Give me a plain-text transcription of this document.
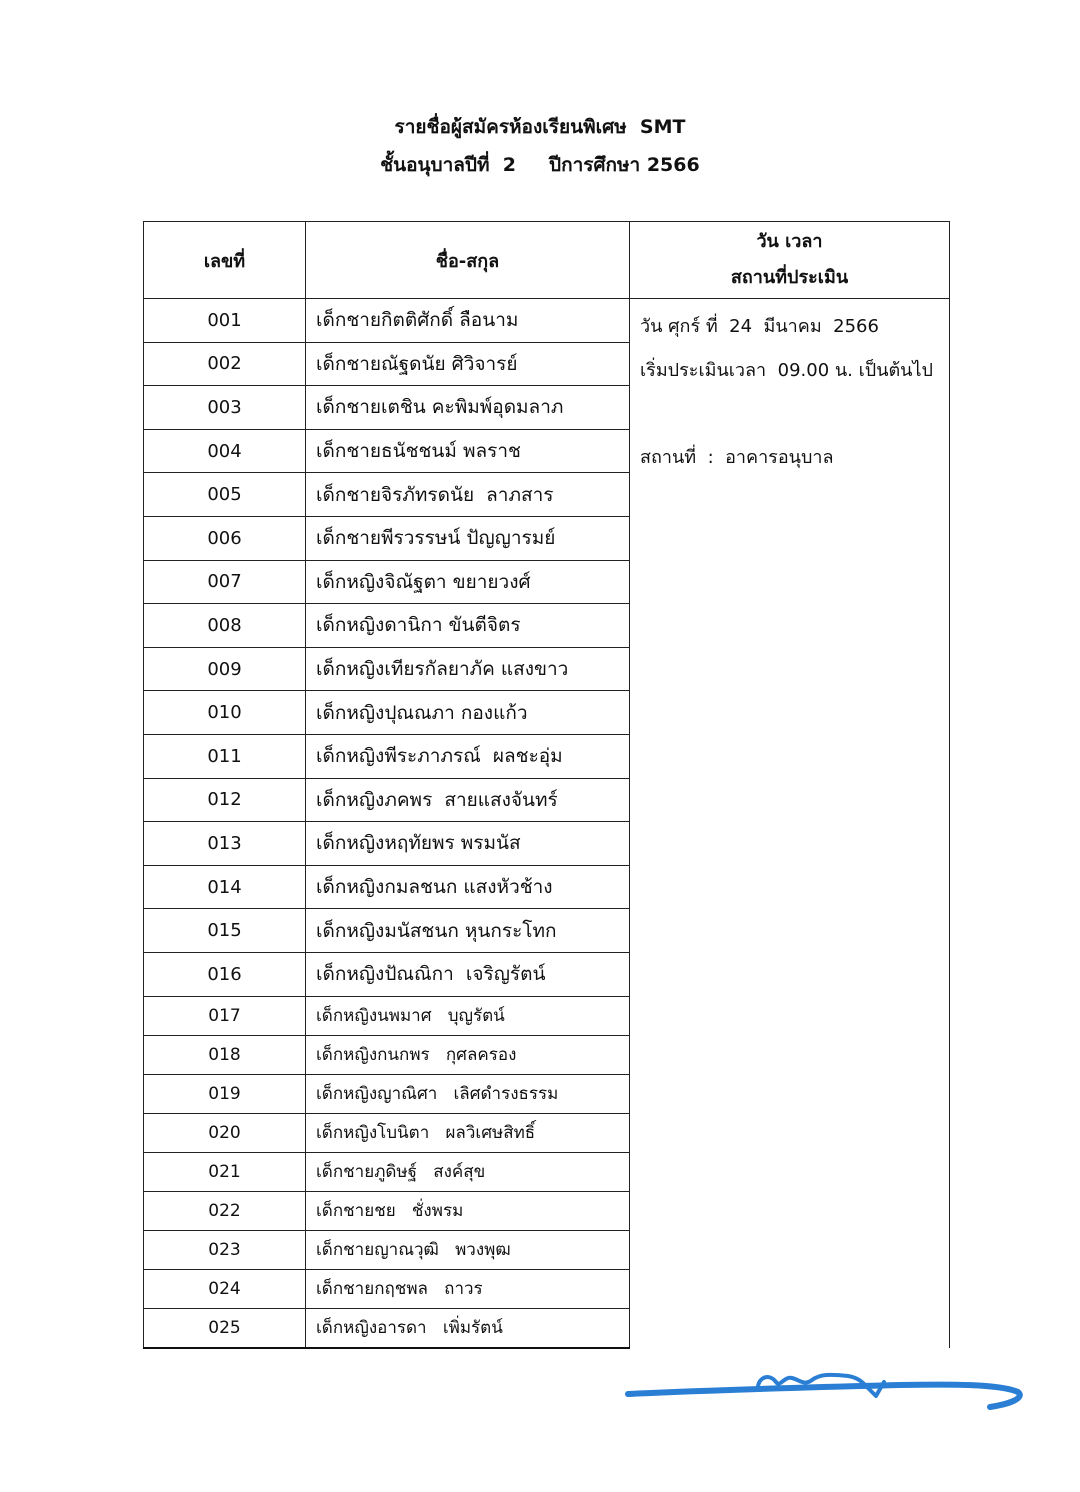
รายชื่อผู้สมัครห้องเรียนพิเศษ  SMT
ชั้นอนุบาลปีที่  2     ปีการศึกษา 2566
เลขที่	ชื่อ-สกุล	วัน เวลา
สถานที่ประเมิน

001	เด็กชายกิตติศักดิ์ ลือนาม	วัน ศุกร์ ที่  24  มีนาคม  2566
เริ่มประเมินเวลา  09.00 น. เป็นต้นไป
สถานที่  :  อาคารอนุบาล

002	เด็กชายณัฐดนัย ศิวิจารย์	
003	เด็กชายเตชิน คะพิมพ์อุดมลาภ	
004	เด็กชายธนัชชนม์ พลราช	
005	เด็กชายจิรภัทรดนัย  ลาภสาร	
006	เด็กชายพีรวรรษน์ ปัญญารมย์	
007	เด็กหญิงจิณัฐตา ขยายวงศ์	
008	เด็กหญิงดานิกา ขันตีจิตร	
009	เด็กหญิงเทียรกัลยาภัค แสงขาว	
010	เด็กหญิงปุณณภา กองแก้ว	
011	เด็กหญิงพีระภาภรณ์  ผลชะอุ่ม	
012	เด็กหญิงภคพร  สายแสงจันทร์	
013	เด็กหญิงหฤทัยพร พรมนัส	
014	เด็กหญิงกมลชนก แสงหัวช้าง	
015	เด็กหญิงมนัสชนก หุนกระโทก	
016	เด็กหญิงปัณณิกา  เจริญรัตน์	
017	เด็กหญิงนพมาศ   บุญรัตน์	
018	เด็กหญิงกนกพร   กุศลครอง	
019	เด็กหญิงญาณิศา   เลิศดำรงธรรม	
020	เด็กหญิงโบนิตา   ผลวิเศษสิทธิ์	
021	เด็กชายภูดิษฐ์   สงค์สุข	
022	เด็กชายชย   ชั่งพรม	
023	เด็กชายญาณวุฒิ   พวงพุฒ	
024	เด็กชายกฤชพล   ถาวร	
025	เด็กหญิงอารดา   เพิ่มรัตน์	
